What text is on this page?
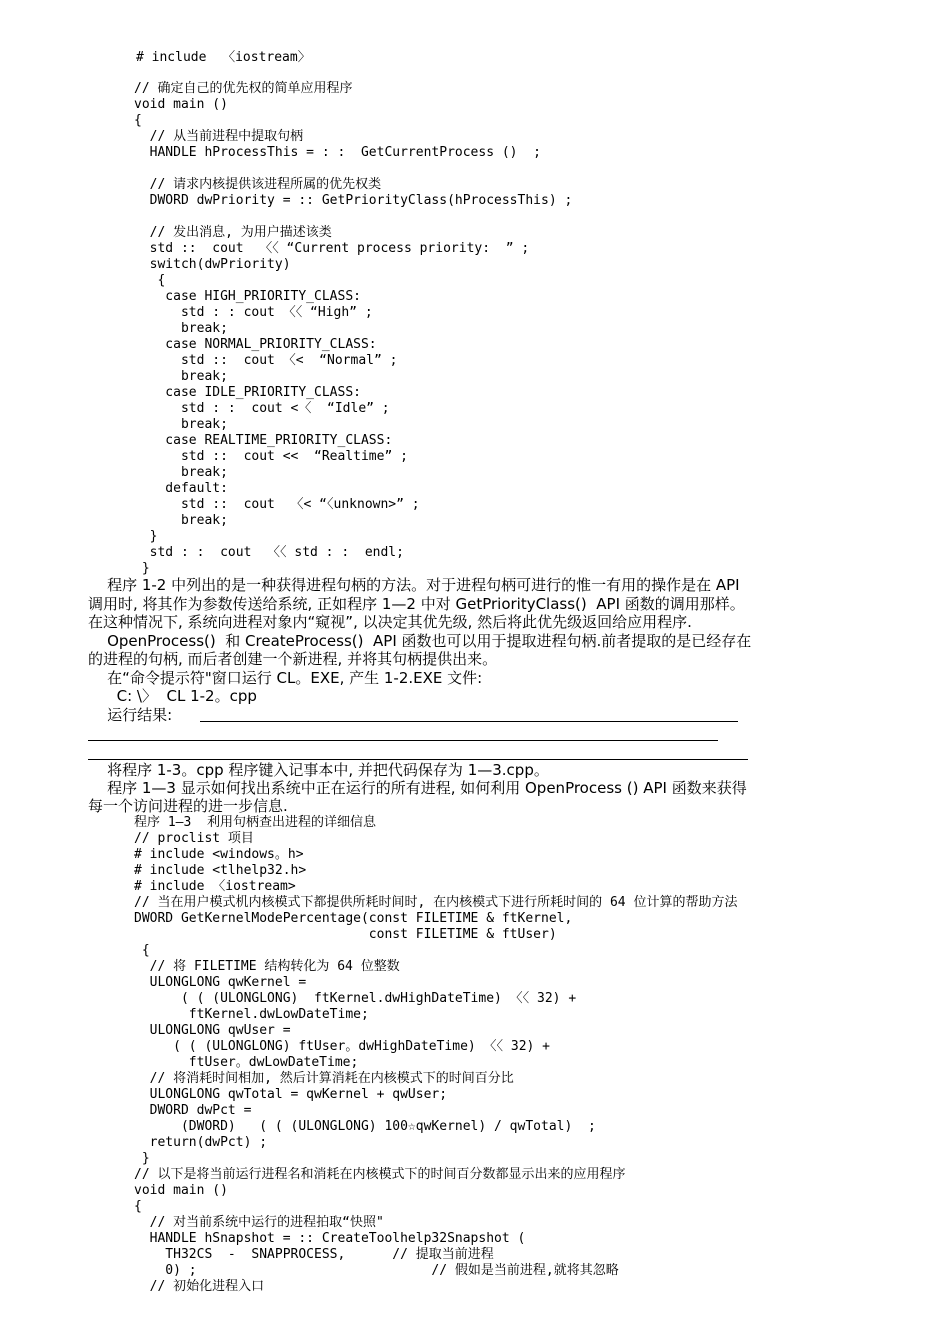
# include  〈iostream〉
// 确定自己的优先权的简单应用程序
void main ()
{
// 从当前进程中提取句柄
HANDLE hProcessThis = : :  GetCurrentProcess ()  ;
// 请求内核提供该进程所属的优先权类
DWORD dwPriority = :: GetPriorityClass(hProcessThis) ;
// 发出消息, 为用户描述该类
std ::  cout  〈〈 “Current process priority:  ” ;
switch(dwPriority)
{
case HIGH_PRIORITY_CLASS:
std : : cout 〈〈 “High” ;
break;
case NORMAL_PRIORITY_CLASS:
std ::  cout 〈<  “Normal” ;
break;
case IDLE_PRIORITY_CLASS:
std : :  cout <〈  “Idle” ;
break;
case REALTIME_PRIORITY_CLASS:
std ::  cout <<  “Realtime” ;
break;
default:
std ::  cout  〈< “〈unknown>” ;
break;
}
std : :  cout  〈〈 std : :  endl;
}
程序 1-2 中列出的是一种获得进程句柄的方法。对于进程句柄可进行的惟一有用的操作是在 API
调用时, 将其作为参数传送给系统, 正如程序 1—2 中对 GetPriorityClass()  API 函数的调用那样。
在这种情况下, 系统向进程对象内“窥视”, 以决定其优先级, 然后将此优先级返回给应用程序.
OpenProcess()  和 CreateProcess()  API 函数也可以用于提取进程句柄.前者提取的是已经存在
的进程的句柄, 而后者创建一个新进程, 并将其句柄提供出来。
在“命令提示符"窗口运行 CL。EXE, 产生 1-2.EXE 文件:
C: \〉  CL 1-2。cpp
运行结果:
将程序 1-3。cpp 程序键入记事本中, 并把代码保存为 1—3.cpp。
程序 1—3 显示如何找出系统中正在运行的所有进程, 如何利用 OpenProcess () API 函数来获得
每一个访问进程的进一步信息.
程序 1—3  利用句柄查出进程的详细信息
// proclist 项目
# include <windows。h>
# include <tlhelp32.h>
# include 〈iostream>
// 当在用户模式机内核模式下都提供所耗时间时, 在内核模式下进行所耗时间的 64 位计算的帮助方法
DWORD GetKernelModePercentage(const FILETIME & ftKernel,
const FILETIME & ftUser)
{
// 将 FILETIME 结构转化为 64 位整数
ULONGLONG qwKernel =
( ( (ULONGLONG)  ftKernel.dwHighDateTime) 〈〈 32) +
ftKernel.dwLowDateTime;
ULONGLONG qwUser =
( ( (ULONGLONG) ftUser。dwHighDateTime) 〈〈 32) +
ftUser。dwLowDateTime;
// 将消耗时间相加, 然后计算消耗在内核模式下的时间百分比
ULONGLONG qwTotal = qwKernel + qwUser;
DWORD dwPct =
(DWORD)   ( ( (ULONGLONG) 100☆qwKernel) / qwTotal)  ;
return(dwPct) ;
}
// 以下是将当前运行进程名和消耗在内核模式下的时间百分数都显示出来的应用程序
void main ()
{
// 对当前系统中运行的进程拍取“快照"
HANDLE hSnapshot = :: CreateToolhelp32Snapshot (
TH32CS  -  SNAPPROCESS,      // 提取当前进程
0) ;                              // 假如是当前进程,就将其忽略
// 初始化进程入口
